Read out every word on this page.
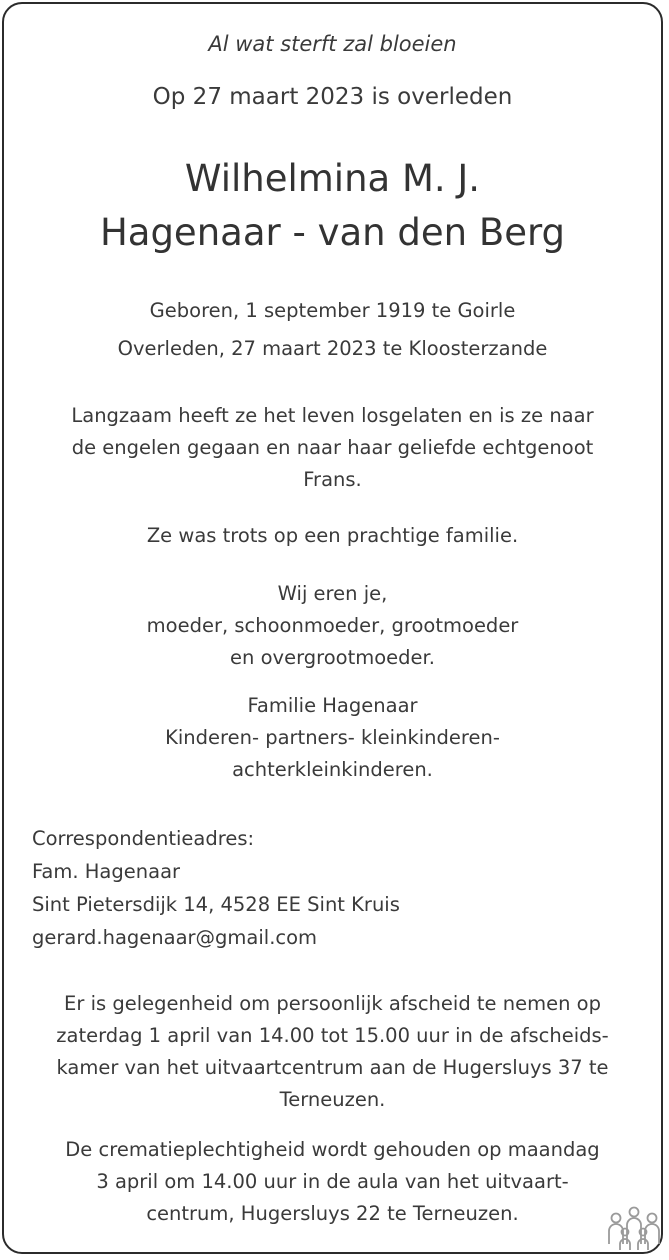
Al wat sterft zal bloeien
Op 27 maart 2023 is overleden
Wilhelmina M. J.
Hagenaar - van den Berg
Geboren, 1 september 1919 te Goirle
Overleden, 27 maart 2023 te Kloosterzande
Langzaam heeft ze het leven losgelaten en is ze naar
de engelen gegaan en naar haar geliefde echtgenoot
Frans.
Ze was trots op een prachtige familie.
Wij eren je,
moeder, schoonmoeder, grootmoeder
en overgrootmoeder.
Familie Hagenaar
Kinderen- partners- kleinkinderen-
achterkleinkinderen.
Correspondentieadres:
Fam. Hagenaar
Sint Pietersdijk 14, 4528 EE Sint Kruis
gerard.hagenaar@gmail.com
Er is gelegenheid om persoonlijk afscheid te nemen op
zaterdag 1 april van 14.00 tot 15.00 uur in de afscheids-
kamer van het uitvaartcentrum aan de Hugersluys 37 te
Terneuzen.
De crematieplechtigheid wordt gehouden op maandag
3 april om 14.00 uur in de aula van het uitvaart-
centrum, Hugersluys 22 te Terneuzen.
